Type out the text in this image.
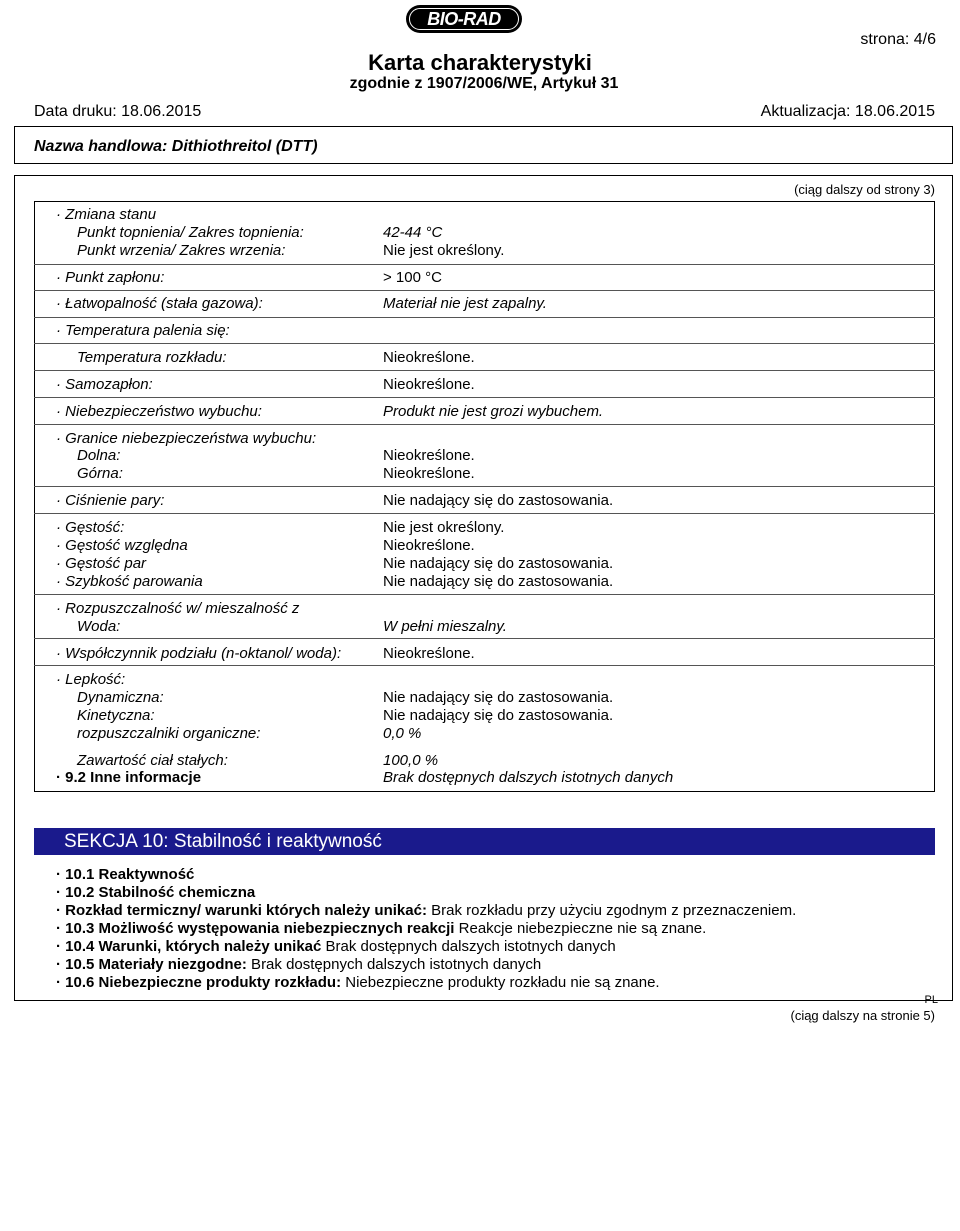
BIO-RAD
strona: 4/6
Karta charakterystyki
zgodnie z 1907/2006/WE, Artykuł 31
Data druku: 18.06.2015	Aktualizacja: 18.06.2015
Nazwa handlowa: Dithiothreitol (DTT)
(ciąg dalszy od strony 3)
· Zmiana stanu
Punkt topnienia/ Zakres topnienia:	42-44 °C
Punkt wrzenia/ Zakres wrzenia:	Nie jest określony.
· Punkt zapłonu:	> 100 °C
· Łatwopalność (stała gazowa):	Materiał nie jest zapalny.
· Temperatura palenia się:
Temperatura rozkładu:	Nieokreślone.
· Samozapłon:	Nieokreślone.
· Niebezpieczeństwo wybuchu:	Produkt nie jest grozi wybuchem.
· Granice niebezpieczeństwa wybuchu:
Dolna:	Nieokreślone.
Górna:	Nieokreślone.
· Ciśnienie pary:	Nie nadający się do zastosowania.
· Gęstość:	Nie jest określony.
· Gęstość względna	Nieokreślone.
· Gęstość par	Nie nadający się do zastosowania.
· Szybkość parowania	Nie nadający się do zastosowania.
· Rozpuszczalność w/ mieszalność z
Woda:	W pełni mieszalny.
· Współczynnik podziału (n-oktanol/ woda):	Nieokreślone.
· Lepkość:
Dynamiczna:	Nie nadający się do zastosowania.
Kinetyczna:	Nie nadający się do zastosowania.
rozpuszczalniki organiczne:	0,0 %
Zawartość ciał stałych:	100,0 %
· 9.2 Inne informacje	Brak dostępnych dalszych istotnych danych
SEKCJA 10: Stabilność i reaktywność
· 10.1 Reaktywność
· 10.2 Stabilność chemiczna
· Rozkład termiczny/ warunki których należy unikać: Brak rozkładu przy użyciu zgodnym z przeznaczeniem.
· 10.3 Możliwość występowania niebezpiecznych reakcji Reakcje niebezpieczne nie są znane.
· 10.4 Warunki, których należy unikać Brak dostępnych dalszych istotnych danych
· 10.5 Materiały niezgodne: Brak dostępnych dalszych istotnych danych
· 10.6 Niebezpieczne produkty rozkładu: Niebezpieczne produkty rozkładu nie są znane.
PL
(ciąg dalszy na stronie 5)
